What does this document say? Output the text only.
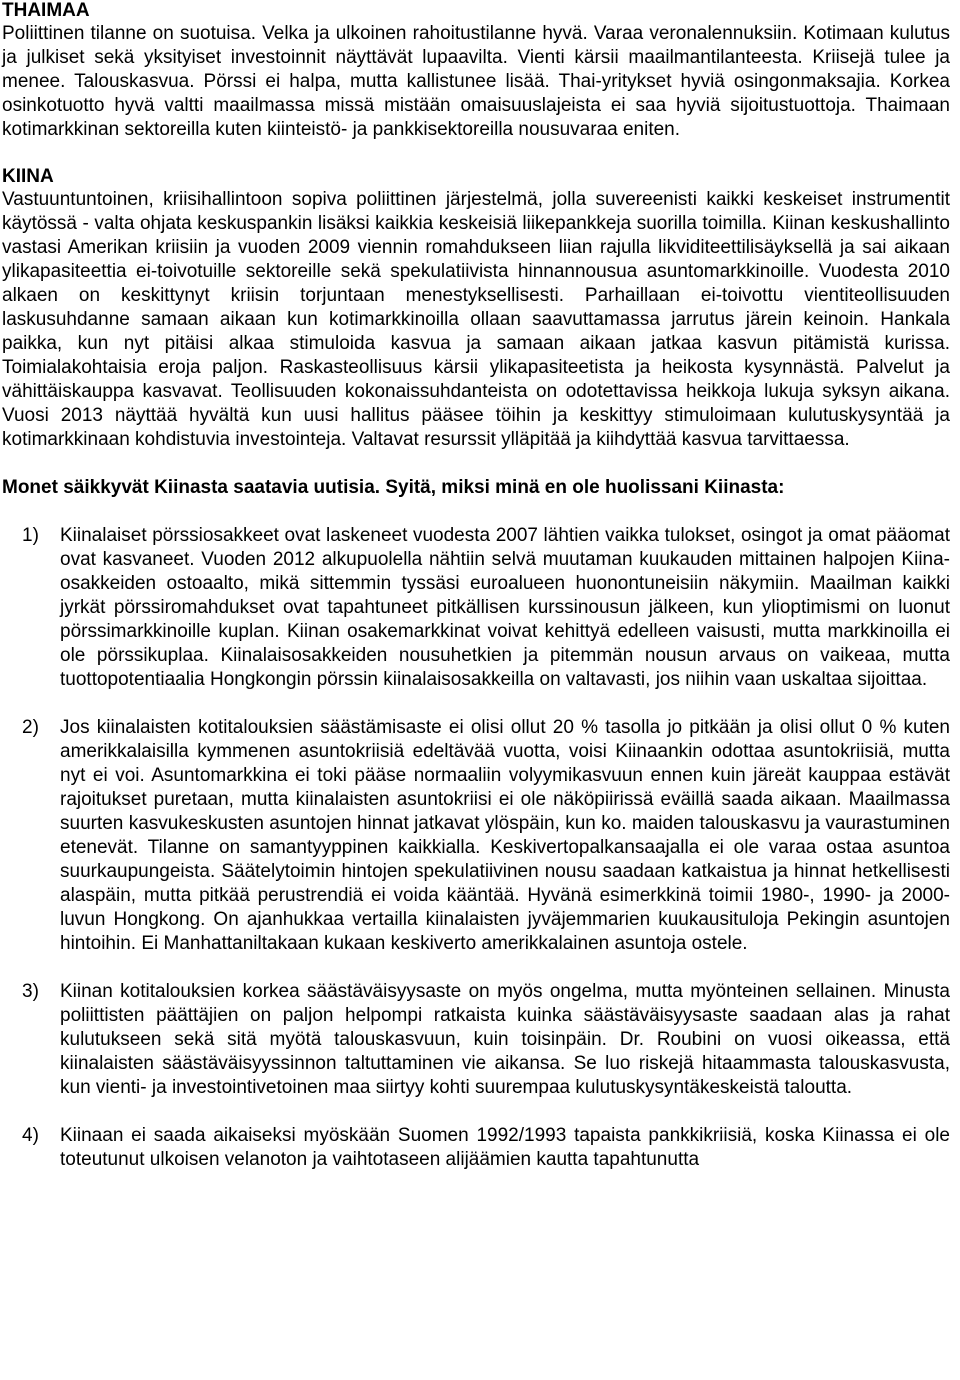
THAIMAA

Poliittinen tilanne on suotuisa. Velka ja ulkoinen rahoitustilanne hyvä. Varaa veronalennuksiin. Kotimaan kulutus ja julkiset sekä yksityiset investoinnit näyttävät lupaavilta. Vienti kärsii maailmantilanteesta. Kriisejä tulee ja menee. Talouskasvua. Pörssi ei halpa, mutta kallistunee lisää. Thai-yritykset hyviä osingonmaksajia. Korkea osinkotuotto hyvä valtti maailmassa missä mistään omaisuuslajeista ei saa hyviä sijoitustuottoja. Thaimaan kotimarkkinan sektoreilla kuten kiinteistö- ja pankkisektoreilla nousuvaraa eniten.

KIINA

Vastuuntuntoinen, kriisihallintoon sopiva poliittinen järjestelmä, jolla suvereenisti kaikki keskeiset instrumentit käytössä - valta ohjata keskuspankin lisäksi kaikkia keskeisiä liikepankkeja suorilla toimilla. Kiinan keskushallinto vastasi Amerikan kriisiin ja vuoden 2009 viennin romahdukseen liian rajulla likviditeettilisäyksellä ja sai aikaan ylikapasiteettia ei-toivotuille sektoreille sekä spekulatiivista hinnannousua asuntomarkkinoille. Vuodesta 2010 alkaen on keskittynyt kriisin torjuntaan menestyksellisesti. Parhaillaan ei-toivottu vientiteollisuuden laskusuhdanne samaan aikaan kun kotimarkkinoilla ollaan saavuttamassa jarrutus järein keinoin. Hankala paikka, kun nyt pitäisi alkaa stimuloida kasvua ja samaan aikaan jatkaa kasvun pitämistä kurissa. Toimialakohtaisia eroja paljon. Raskasteollisuus kärsii ylikapasiteetista ja heikosta kysynnästä. Palvelut ja vähittäiskauppa kasvavat. Teollisuuden kokonaissuhdanteista on odotettavissa heikkoja lukuja syksyn aikana. Vuosi 2013 näyttää hyvältä kun uusi hallitus pääsee töihin ja keskittyy stimuloimaan kulutuskysyntää ja kotimarkkinaan kohdistuvia investointeja. Valtavat resurssit ylläpitää ja kiihdyttää kasvua tarvittaessa.

Monet säikkyvät Kiinasta saatavia uutisia. Syitä, miksi minä en ole huolissani Kiinasta:

1)	Kiinalaiset pörssiosakkeet ovat laskeneet vuodesta 2007 lähtien vaikka tulokset, osingot ja omat pääomat ovat kasvaneet. Vuoden 2012 alkupuolella nähtiin selvä muutaman kuukauden mittainen halpojen Kiina-osakkeiden ostoaalto, mikä sittemmin tyssäsi euroalueen huonontuneisiin näkymiin. Maailman kaikki jyrkät pörssiromahdukset ovat tapahtuneet pitkällisen kurssinousun jälkeen, kun ylioptimismi on luonut pörssimarkkinoille kuplan. Kiinan osakemarkkinat voivat kehittyä edelleen vaisusti, mutta markkinoilla ei ole pörssikuplaa. Kiinalaisosakkeiden nousuhetkien ja pitemmän nousun arvaus on vaikeaa, mutta tuottopotentiaalia Hongkongin pörssin kiinalaisosakkeilla on valtavasti, jos niihin vaan uskaltaa sijoittaa.
2)	Jos kiinalaisten kotitalouksien säästämisaste ei olisi ollut 20 % tasolla jo pitkään ja olisi ollut 0 % kuten amerikkalaisilla kymmenen asuntokriisiä edeltävää vuotta, voisi Kiinaankin odottaa asuntokriisiä, mutta nyt ei voi. Asuntomarkkina ei toki pääse normaaliin volyymikasvuun ennen kuin järeät kauppaa estävät rajoitukset puretaan, mutta kiinalaisten asuntokriisi ei ole näköpiirissä eväillä saada aikaan. Maailmassa suurten kasvukeskusten asuntojen hinnat jatkavat ylöspäin, kun ko. maiden talouskasvu ja vaurastuminen etenevät. Tilanne on samantyyppinen kaikkialla. Keskivertopalkansaajalla ei ole varaa ostaa asuntoa suurkaupungeista. Säätelytoimin hintojen spekulatiivinen nousu saadaan katkaistua ja hinnat hetkellisesti alaspäin, mutta pitkää perustrendiä ei voida kääntää. Hyvänä esimerkkinä toimii 1980-, 1990- ja 2000-luvun Hongkong. On ajanhukkaa vertailla kiinalaisten jyväjemmarien kuukausituloja Pekingin asuntojen hintoihin. Ei Manhattaniltakaan kukaan keskiverto amerikkalainen asuntoja ostele.
3)	Kiinan kotitalouksien korkea säästäväisyysaste on myös ongelma, mutta myönteinen sellainen. Minusta poliittisten päättäjien on paljon helpompi ratkaista kuinka säästäväisyysaste saadaan alas ja rahat kulutukseen sekä sitä myötä talouskasvuun, kuin toisinpäin. Dr. Roubini on vuosi oikeassa, että kiinalaisten säästäväisyyssinnon taltuttaminen vie aikansa. Se luo riskejä hitaammasta talouskasvusta, kun vienti- ja investointivetoinen maa siirtyy kohti suurempaa kulutuskysyntäkeskeistä taloutta.
4)	Kiinaan ei saada aikaiseksi myöskään Suomen 1992/1993 tapaista pankkikriisiä, koska Kiinassa ei ole toteutunut ulkoisen velanoton ja vaihtotaseen alijäämien kautta tapahtunutta
